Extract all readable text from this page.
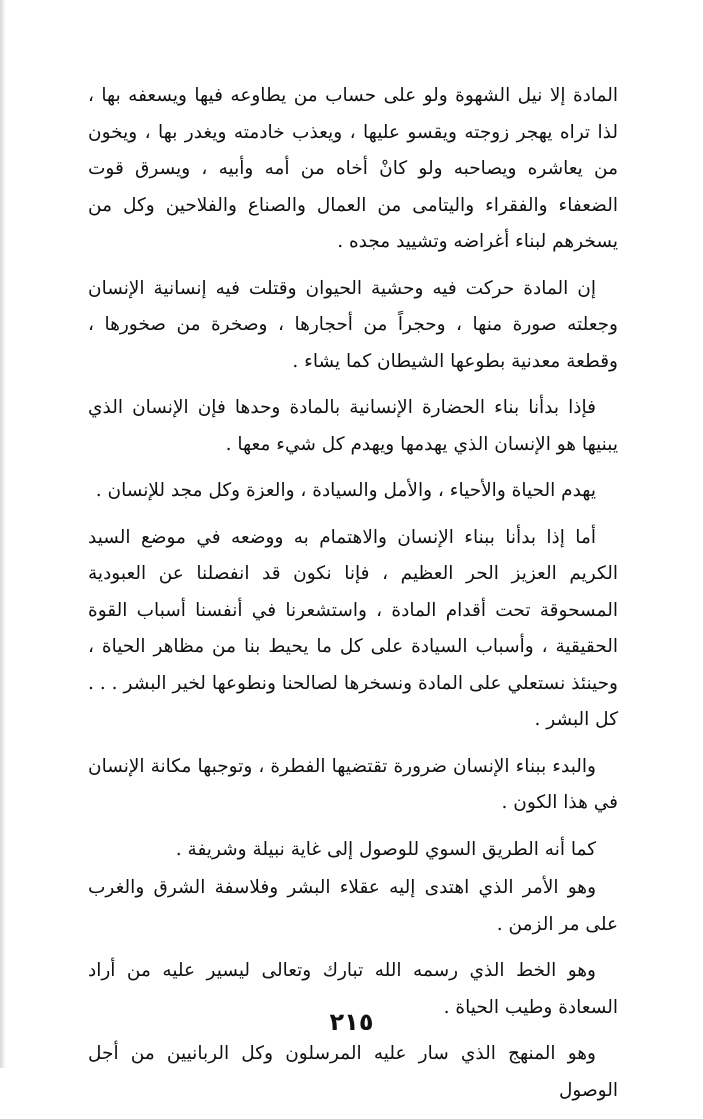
المادة إلا نيل الشهوة ولو على حساب من يطاوعه فيها ويسعفه بها ، لذا تراه يهجر زوجته ويقسو عليها ، ويعذب خادمته ويغدر بها ، ويخون من يعاشره ويصاحبه ولو كانْ أخاه من أمه وأبيه ، ويسرق قوت الضعفاء والفقراء واليتامى من العمال والصناع والفلاحين وكل من يسخرهم لبناء أغراضه وتشييد مجده .

إن المادة حركت فيه وحشية الحيوان وقتلت فيه إنسانية الإنسان وجعلته صورة منها ، وحجراً من أحجارها ، وصخرة من صخورها ، وقطعة معدنية بطوعها الشيطان كما يشاء .

فإذا بدأنا بناء الحضارة الإنسانية بالمادة وحدها فإن الإنسان الذي يبنيها هو الإنسان الذي يهدمها ويهدم كل شيء معها .

يهدم الحياة والأحياء ، والأمل والسيادة ، والعزة وكل مجد للإنسان .

أما إذا بدأنا ببناء الإنسان والاهتمام به ووضعه في موضع السيد الكريم العزيز الحر العظيم ، فإنا نكون قد انفصلنا عن العبودية المسحوقة تحت أقدام المادة ، واستشعرنا في أنفسنا أسباب القوة الحقيقية ، وأسباب السيادة على كل ما يحيط بنا من مظاهر الحياة ، وحينئذ نستعلي على المادة ونسخرها لصالحنا ونطوعها لخير البشر . . . كل البشر .

والبدء ببناء الإنسان ضرورة تقتضيها الفطرة ، وتوجبها مكانة الإنسان في هذا الكون .

كما أنه الطريق السوي للوصول إلى غاية نبيلة وشريفة .

وهو الأمر الذي اهتدى إليه عقلاء البشر وفلاسفة الشرق والغرب على مر الزمن .

وهو الخط الذي رسمه الله تبارك وتعالى ليسير عليه من أراد السعادة وطيب الحياة .

وهو المنهج الذي سار عليه المرسلون وكل الربانيين من أجل الوصول

٢١٥
